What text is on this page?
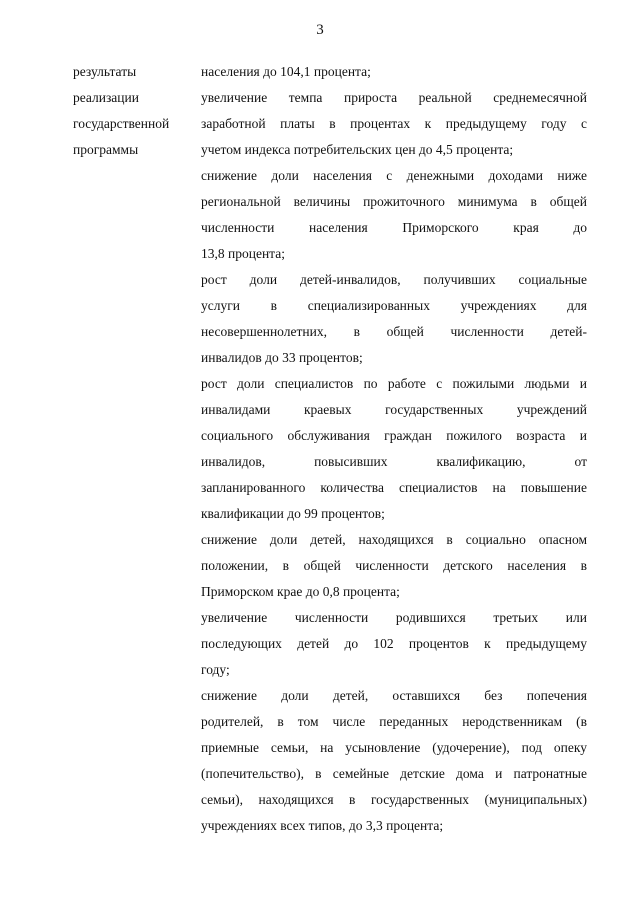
3
результаты
реализации
государственной
программы
населения до 104,1 процента;
увеличение темпа прироста реальной среднемесячной
заработной платы в процентах к предыдущему году с
учетом индекса потребительских цен до 4,5 процента;
снижение доли населения с денежными доходами ниже
региональной величины прожиточного минимума в общей
численности населения Приморского края до
13,8 процента;
рост доли детей-инвалидов, получивших социальные
услуги в специализированных учреждениях для
несовершеннолетних, в общей численности детей-
инвалидов до 33 процентов;
рост доли специалистов по работе с пожилыми людьми и
инвалидами краевых государственных учреждений
социального обслуживания граждан пожилого возраста и
инвалидов, повысивших квалификацию, от
запланированного количества специалистов на повышение
квалификации до 99 процентов;
снижение доли детей, находящихся в социально опасном
положении, в общей численности детского населения в
Приморском крае до 0,8 процента;
увеличение численности родившихся третьих или
последующих детей до 102 процентов к предыдущему
году;
снижение доли детей, оставшихся без попечения
родителей, в том числе переданных неродственникам (в
приемные семьи, на усыновление (удочерение), под опеку
(попечительство), в семейные детские дома и патронатные
семьи), находящихся в государственных (муниципальных)
учреждениях всех типов, до 3,3 процента;
